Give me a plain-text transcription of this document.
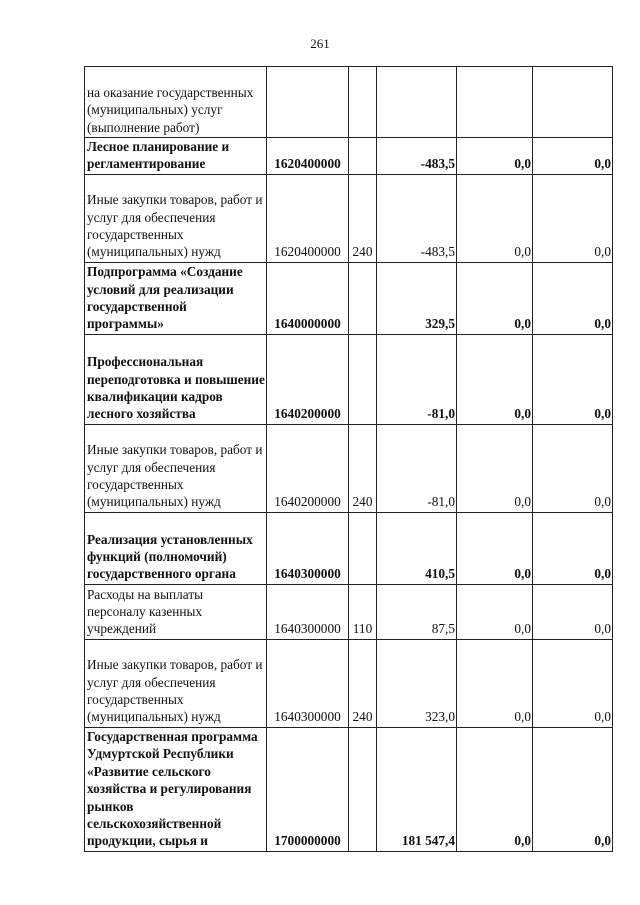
261
на оказание государственных (муниципальных) услуг (выполнение работ)					
Лесное планирование и регламентирование	1620400000		-483,5	0,0	0,0
Иные закупки товаров, работ и услуг для обеспечения государственных (муниципальных) нужд	1620400000	240	-483,5	0,0	0,0
Подпрограмма «Создание условий для реализации государственной программы»	1640000000		329,5	0,0	0,0
Профессиональная переподготовка и повышение квалификации кадров лесного хозяйства	1640200000		-81,0	0,0	0,0
Иные закупки товаров, работ и услуг для обеспечения государственных (муниципальных) нужд	1640200000	240	-81,0	0,0	0,0
Реализация установленных функций (полномочий) государственного органа	1640300000		410,5	0,0	0,0
Расходы на выплаты персоналу казенных учреждений	1640300000	110	87,5	0,0	0,0
Иные закупки товаров, работ и услуг для обеспечения государственных (муниципальных) нужд	1640300000	240	323,0	0,0	0,0
Государственная программа Удмуртской Республики «Развитие сельского хозяйства и регулирования рынков сельскохозяйственной продукции, сырья и	1700000000		181 547,4	0,0	0,0
